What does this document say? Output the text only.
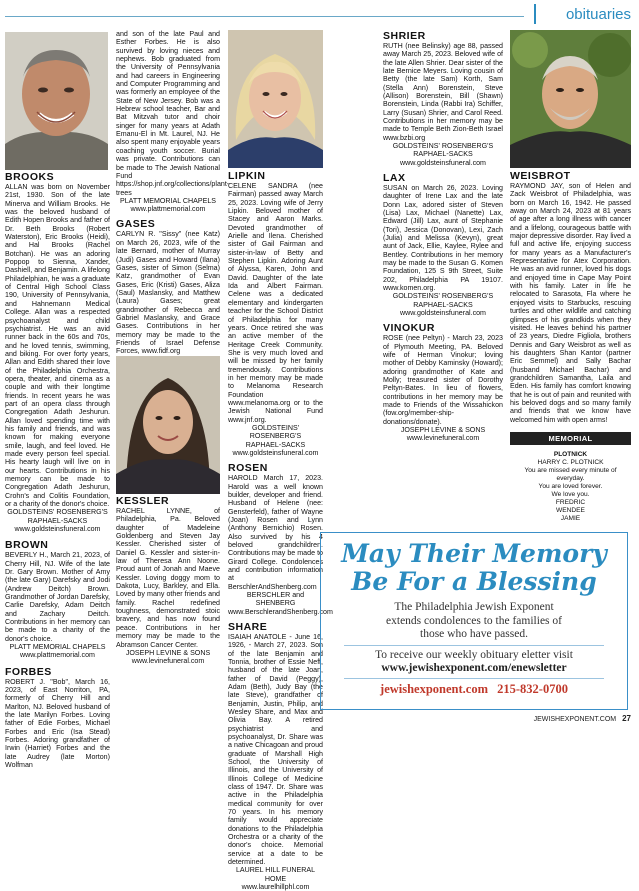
obituaries

BROOKS

ALLAN was born on November 21st, 1930. Son of the late Minerva and William Brooks. He was the beloved husband of Edith Hopen Brooks and father of Dr. Beth Brooks (Robert Waterston), Eric Brooks (Heidi), and Hal Brooks (Rachel Botchan). He was an adoring Poppop to Sienna, Xander, Dashiell, and Benjamin. A lifelong Philadelphian, he was a graduate of Central High School Class 190, University of Pennsylvania, and Hahnemann Medical College. Allan was a respected psychoanalyst and child psychiatrist. He was an avid runner back in the 60s and 70s, and he loved tennis, swimming, and biking. For over forty years, Allan and Edith shared their love of the Philadelphia Orchestra, opera, theater, and cinema as a couple and with their longtime friends. In recent years he was part of an opera class through Congregation Adath Jeshurun. Allan loved spending time with his family and friends, and was known for making everyone smile, laugh, and feel loved. He made every person feel special. His hearty laugh will live on in our hearts. Contributions in his memory can be made to Congregation Adath Jeshurun, Crohn's and Colitis Foundation, or a charity of the donor's choice.

GOLDSTEINS' ROSENBERG'S

RAPHAEL-SACKS

www.goldsteinsfuneral.com

BROWN

BEVERLY H., March 21, 2023, of Cherry Hill, NJ. Wife of the late Dr. Gary Brown. Mother of Amy (the late Gary) Darefsky and Jodi (Andrew Deitch) Brown. Grandmother of Jordan Darefsky, Carlie Darefsky, Adam Deitch and Zachary Deitch. Contributions in her memory can be made to a charity of the donor's choice.

PLATT MEMORIAL CHAPELS

www.plattmemorial.com

FORBES

ROBERT J. "Bob", March 16, 2023, of East Norriton, PA, formerly of Cherry Hill and Marlton, NJ. Beloved husband of the late Marilyn Forbes. Loving father of Edie Forbes, Michael Forbes and Eric (Isa Stead) Forbes. Adoring grandfather of Irwin (Harriet) Forbes and the late Audrey (late Morton) Wolfman

and son of the late Paul and Esther Forbes. He is also survived by loving nieces and nephews. Bob graduated from the University of Pennsylvania and had careers in Engineering and Computer Programming and was formerly an employee of the State of New Jersey. Bob was a Hebrew school teacher, Bar and Bat Mitzvah tutor and choir singer for many years at Adath Emanu-El in Mt. Laurel, NJ. He also spent many enjoyable years coaching youth soccer. Burial was private. Contributions can be made to The Jewish National Fund https://shop.jnf.org/collections/plant-trees

PLATT MEMORIAL CHAPELS

www.plattmemorial.com

GASES

CARLYN R. "Sissy" (nee Katz) on March 26, 2023, wife of the late Bernard, mother of Murray (Judi) Gases and Howard (Ilana) Gases, sister of Simon (Selma) Katz, grandmother of Evan Gases, Eric (Kristi) Gases, Aliza (Saul) Maslansky, and Matthew (Laura) Gases; great grandmother of Rebecca and Gabriel Maslansky, and Grace Gases. Contributions in her memory may be made to the Friends of Israel Defense Forces, www.fidf.org

KESSLER

RACHEL LYNNE, of Philadelphia, Pa. Beloved daughter of Madeleine Goldenberg and Steven Jay Kessler. Cherished sister of Daniel G. Kessler and sister-in-law of Theresa Ann Noone. Proud aunt of Jonah and Maeve Kessler. Loving doggy mom to Dakota, Lucy, Barkley, and Ella. Loved by many other friends and family. Rachel redefined toughness, demonstrated stoic bravery, and has now found peace. Contributions in her memory may be made to the Abramson Cancer Center.

JOSEPH LEVINE & SONS

www.levinefuneral.com

LIPKIN

CELENE SANDRA (nee Fairman) passed away March 25, 2023. Loving wife of Jerry Lipkin. Beloved mother of Stacey and Aaron Marks. Devoted grandmother of Arielle and Ilena. Cherished sister of Gail Fairman and sister-in-law of Betty and Stephen Lipkin. Adoring Aunt of Alyssa, Karen, John and David. Daughter of the late Ida and Albert Fairman. Celene was a dedicated elementary and kindergarten teacher for the School District of Philadelphia for many years. Once retired she was an active member of the Heritage Creek Community. She is very much loved and will be missed by her family tremendously. Contributions in her memory may be made to Melanoma Research Foundation www.melanoma.org or to the Jewish National Fund www.jnf.org.

GOLDSTEINS' ROSENBERG'S

RAPHAEL-SACKS

www.goldsteinsfuneral.com

ROSEN

HAROLD March 17, 2023. Harold was a well known builder, developer and friend. Husband of Helene (nee: Gensterfeld), father of Wayne (Joan) Rosen and Lynn (Anthony Bernichio) Rosen. Also survived by his 4 beloved grandchildren. Contributions may be made to Girard College. Condolences and contribution information at BerschlerAndShenberg.com

BERSCHLER and SHENBERG

www.BerschlerandShenberg.com

SHARE

ISAIAH ANATOLE - June 16, 1926, - March 27, 2023. Son of the late Benjamin and Tonnia, brother of Essie Neff, husband of the late Joan, father of David (Peggy), Adam (Beth), Judy Bay (the late Steve), grandfather of Benjamin, Justin, Philip, and Wesley Share, and Max and Olivia Bay. A retired psychiatrist and psychoanalyst, Dr. Share was a native Chicagoan and proud graduate of Marshall High School, the University of Illinois, and the University of Illinois College of Medicine class of 1947. Dr. Share was active in the Philadelphia medical community for over 70 years. In his memory family would appreciate donations to the Philadelphia Orchestra or a charity of the donor's choice. Memorial service at a date to be determined.

LAUREL HILL FUNERAL HOME

www.laurelhillphl.com

SHRIER

RUTH (nee Belinsky) age 88, passed away March 25, 2023. Beloved wife of the late Allen Shrier. Dear sister of the late Bernice Meyers. Loving cousin of Betty (the late Sam) Korth, Sam (Stella Ann) Borenstein, Steve (Allison) Borenstein, Bill (Shawn) Borenstein, Linda (Rabbi Ira) Schiffer, Larry (Susan) Shrier, and Carol Reed. Contributions in her memory may be made to Temple Beth Zion-Beth Israel www.bzbi.org

GOLDSTEINS' ROSENBERG'S

RAPHAEL-SACKS

www.goldsteinsfuneral.com

LAX

SUSAN on March 26, 2023. Loving daughter of Irene Lax and the late Donn Lax, adored sister of Steven (Lisa) Lax, Michael (Nanette) Lax, Edward (Jill) Lax, aunt of Stephanie (Tori), Jessica (Donovan), Lexi, Zach (Julia) and Melissa (Kevyn), great aunt of Jack, Ellie, Kaylee, Rylee and Bentley. Contributions in her memory may be made to the Susan G. Komen Foundation, 125 S 9th Street, Suite 202, Philadelphia PA 19107. www.komen.org.

GOLDSTEINS' ROSENBERG'S

RAPHAEL-SACKS

www.goldsteinsfuneral.com

VINOKUR

ROSE (nee Peltyn) - March 23, 2023 of Plymouth Meeting, PA. Beloved wife of Herman Vinokur; loving mother of Debby Kaminsky (Howard); adoring grandmother of Kate and Molly; treasured sister of Dorothy Peltyn-Bates. In lieu of flowers, contributions in her memory may be made to Friends of the Wissahickon (fow.org/member-ship-donations/donate).

JOSEPH LEVINE & SONS

www.levinefuneral.com

WEISBROT

RAYMOND JAY, son of Helen and Zack Weisbrot of Philadelphia, was born on March 16, 1942. He passed away on March 24, 2023 at 81 years of age after a long illness with cancer and a lifelong, courageous battle with major depressive disorder. Ray lived a full and active life, enjoying success for many years as a Manufacturer's Representative for Atex Corporation. He was an avid runner, loved his dogs and enjoyed time in Cape May Point with his family. Later in life he relocated to Sarasota, Fla where he enjoyed visits to Starbucks, rescuing turtles and other wildlife and catching glimpses of his grandkids when they visited. He leaves behind his partner of 23 years, Diedre Figliola, brothers Dennis and Gary Weisbrot as well as his daughters Shan Kantor (partner Eric Semmel) and Sally Bachar (husband Michael Bachar) and grandchildren Samantha, Laila and Eden. His family has comfort knowing that he is out of pain and reunited with his beloved dogs and so many family and friends that we know have welcomed him with open arms!

MEMORIAL

PLOTNICK

HARRY C. PLOTNICK

You are missed every minute of

everyday.

You are loved forever.

We love you.

FREDRIC

WENDEE

JAMIE

May Their Memory

Be For a Blessing

The Philadelphia Jewish Exponent

extends condolences to the families of

those who have passed.

To receive our weekly obituary eletter visit

www.jewishexponent.com/enewsletter

jewishexponent.com 215-832-0700

JEWISHEXPONENT.COM 27
